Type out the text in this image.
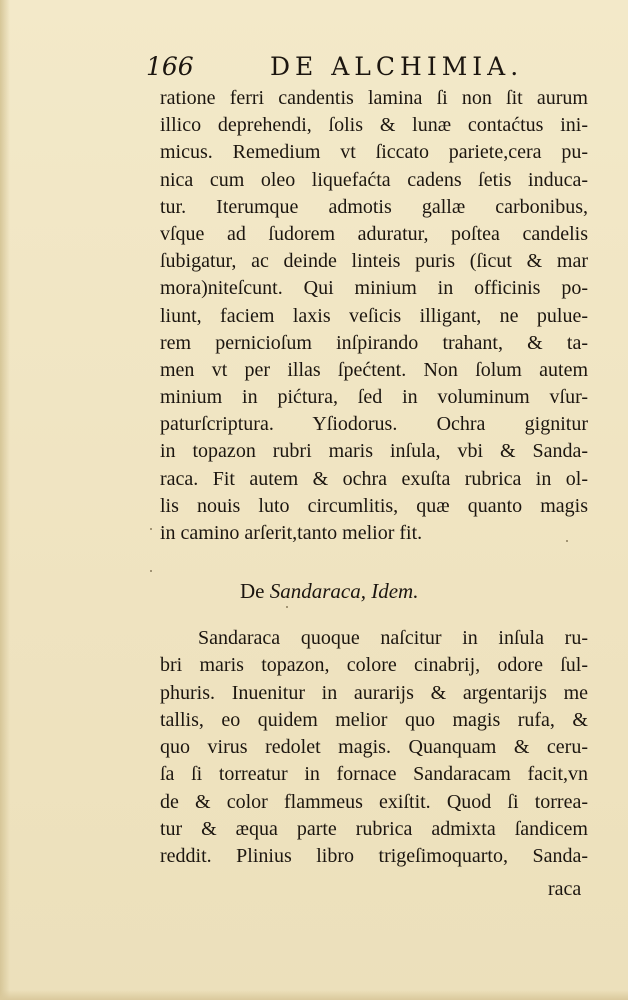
166	DE ALCHIMIA.
ratione ferri candentis lamina ſi non ſit aurum
illico deprehendi, ſolis & lunæ contaćtus ini-
micus. Remedium vt ſiccato pariete,cera pu-
nica cum oleo liquefaćta cadens ſetis induca-
tur. Iterumque admotis gallæ carbonibus,
vſque ad ſudorem aduratur, poſtea candelis
ſubigatur, ac deinde linteis puris (ſicut & mar
mora)niteſcunt. Qui minium in officinis po-
liunt, faciem laxis veſicis illigant, ne pulue-
rem pernicioſum inſpirando trahant, & ta-
men vt per illas ſpećtent. Non ſolum autem
minium in pićtura, ſed in voluminum vſur-
paturſcriptura. Yſiodorus. Ochra gignitur
in topazon rubri maris inſula, vbi & Sanda-
raca. Fit autem & ochra exuſta rubrica in ol-
lis nouis luto circumlitis, quæ quanto magis
in camino arſerit,tanto melior fit.
De Sandaraca, Idem.
Sandaraca quoque naſcitur in inſula ru-
bri maris topazon, colore cinabrij, odore ſul-
phuris. Inuenitur in aurarijs & argentarijs me
tallis, eo quidem melior quo magis rufa, &
quo virus redolet magis. Quanquam & ceru-
ſa ſi torreatur in fornace Sandaracam facit,vn
de & color flammeus exiſtit. Quod ſi torrea-
tur & æqua parte rubrica admixta ſandicem
reddit. Plinius libro trigeſimoquarto, Sanda-
raca
